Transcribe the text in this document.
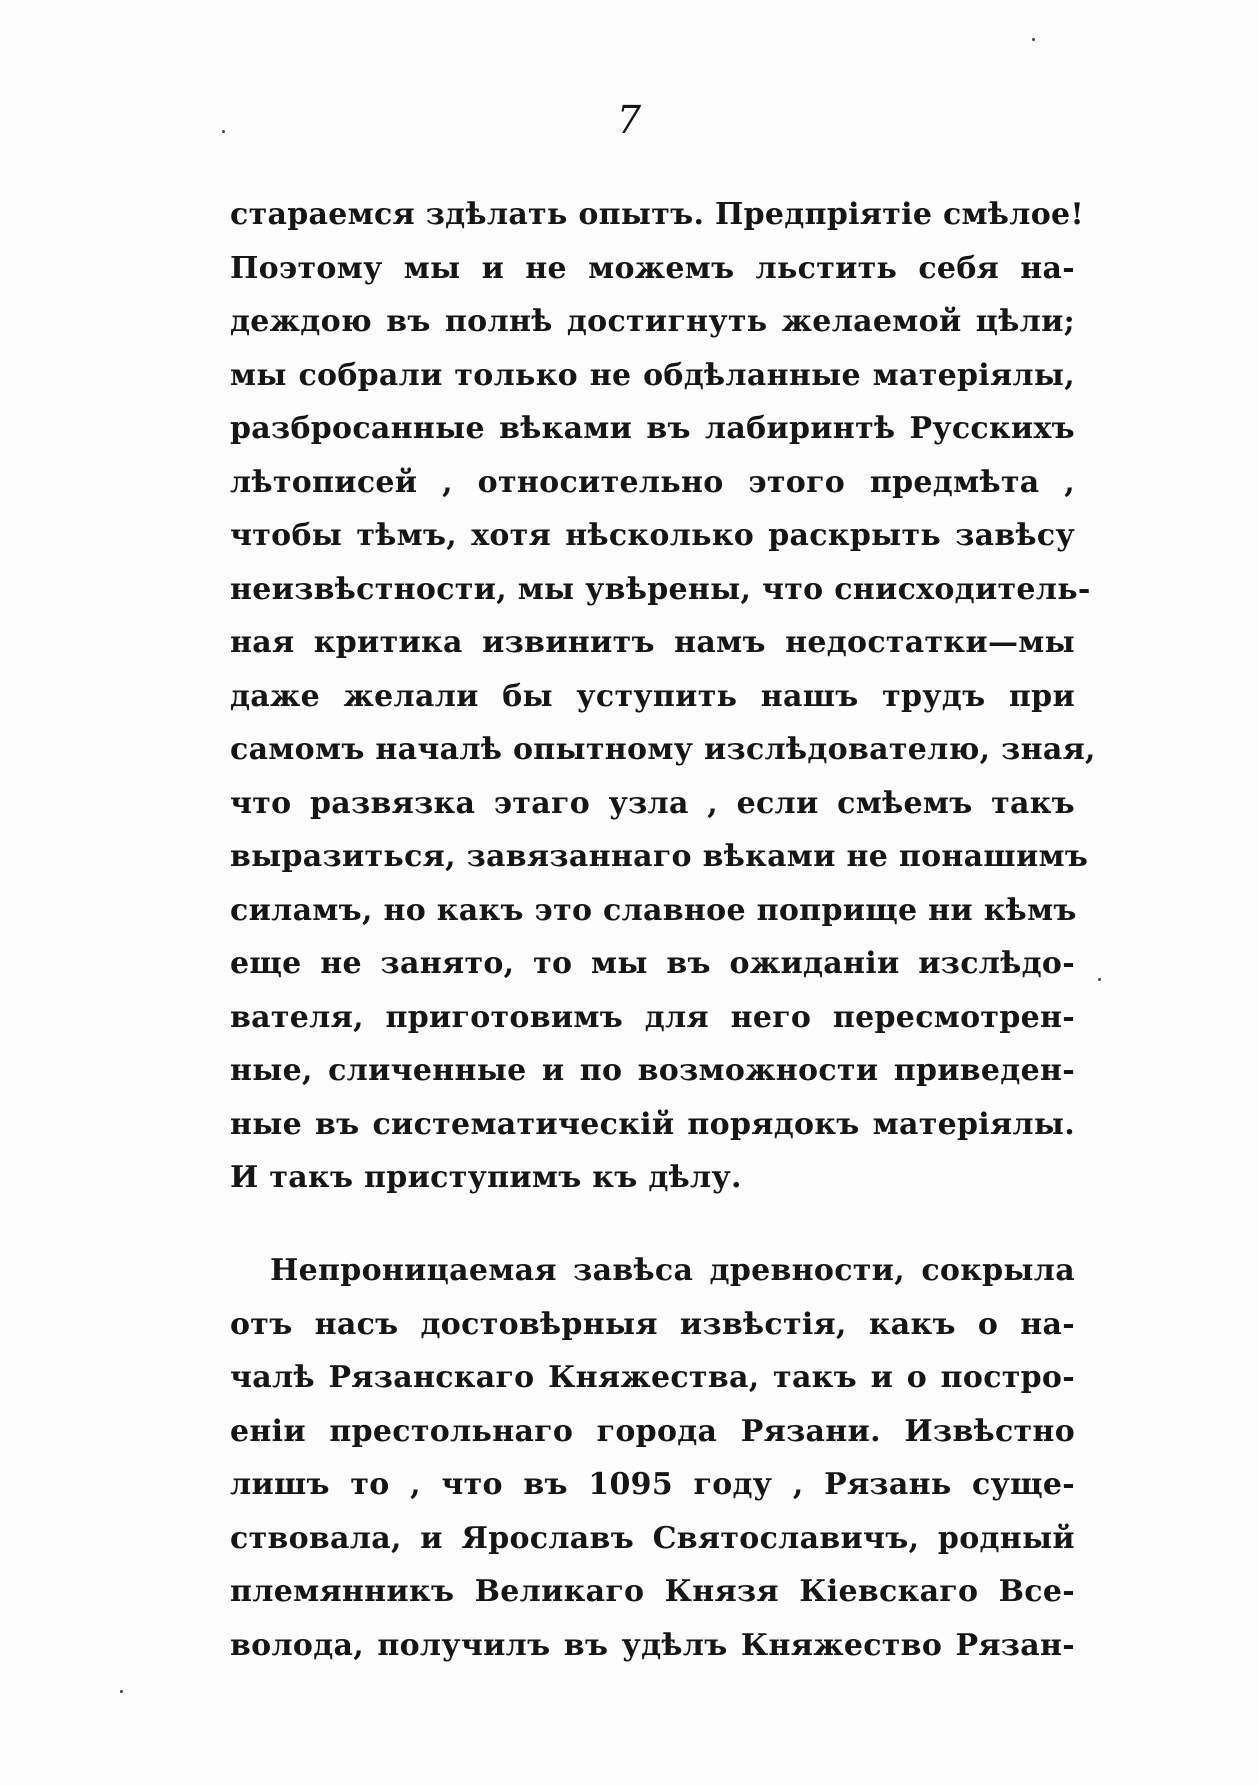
7
стараемся здѣлать опытъ. Предпріятіе смѣлое!
Поэтому мы и не можемъ льстить себя на-
деждою въ полнѣ достигнуть желаемой цѣли;
мы собрали только не обдѣланные матеріялы,
разбросанные вѣками въ лабиринтѣ Русскихъ
лѣтописей , относительно этого предмѣта ,
чтобы тѣмъ, хотя нѣсколько раскрыть завѣсу
неизвѣстности, мы увѣрены, что снисходитель-
ная критика извинитъ намъ недостатки—мы
даже желали бы уступить нашъ трудъ при
самомъ началѣ опытному изслѣдователю, зная,
что развязка этаго узла , если смѣемъ такъ
выразиться, завязаннаго вѣками не понашимъ
силамъ, но какъ это славное поприще ни кѣмъ
еще не занято, то мы въ ожиданіи изслѣдо-
вателя, приготовимъ для него пересмотрен-
ные, сличенные и по возможности приведен-
ные въ систематическій порядокъ матеріялы.
И такъ приступимъ къ дѣлу.
Непроницаемая завѣса древности, сокрыла
отъ насъ достовѣрныя извѣстія, какъ о на-
чалѣ Рязанскаго Княжества, такъ и о постро-
еніи престольнаго города Рязани. Извѣстно
лишъ то , что въ 1095 году , Рязань суще-
ствовала, и Ярославъ Святославичъ, родный
племянникъ Великаго Князя Кіевскаго Все-
волода, получилъ въ удѣлъ Княжество Рязан-
